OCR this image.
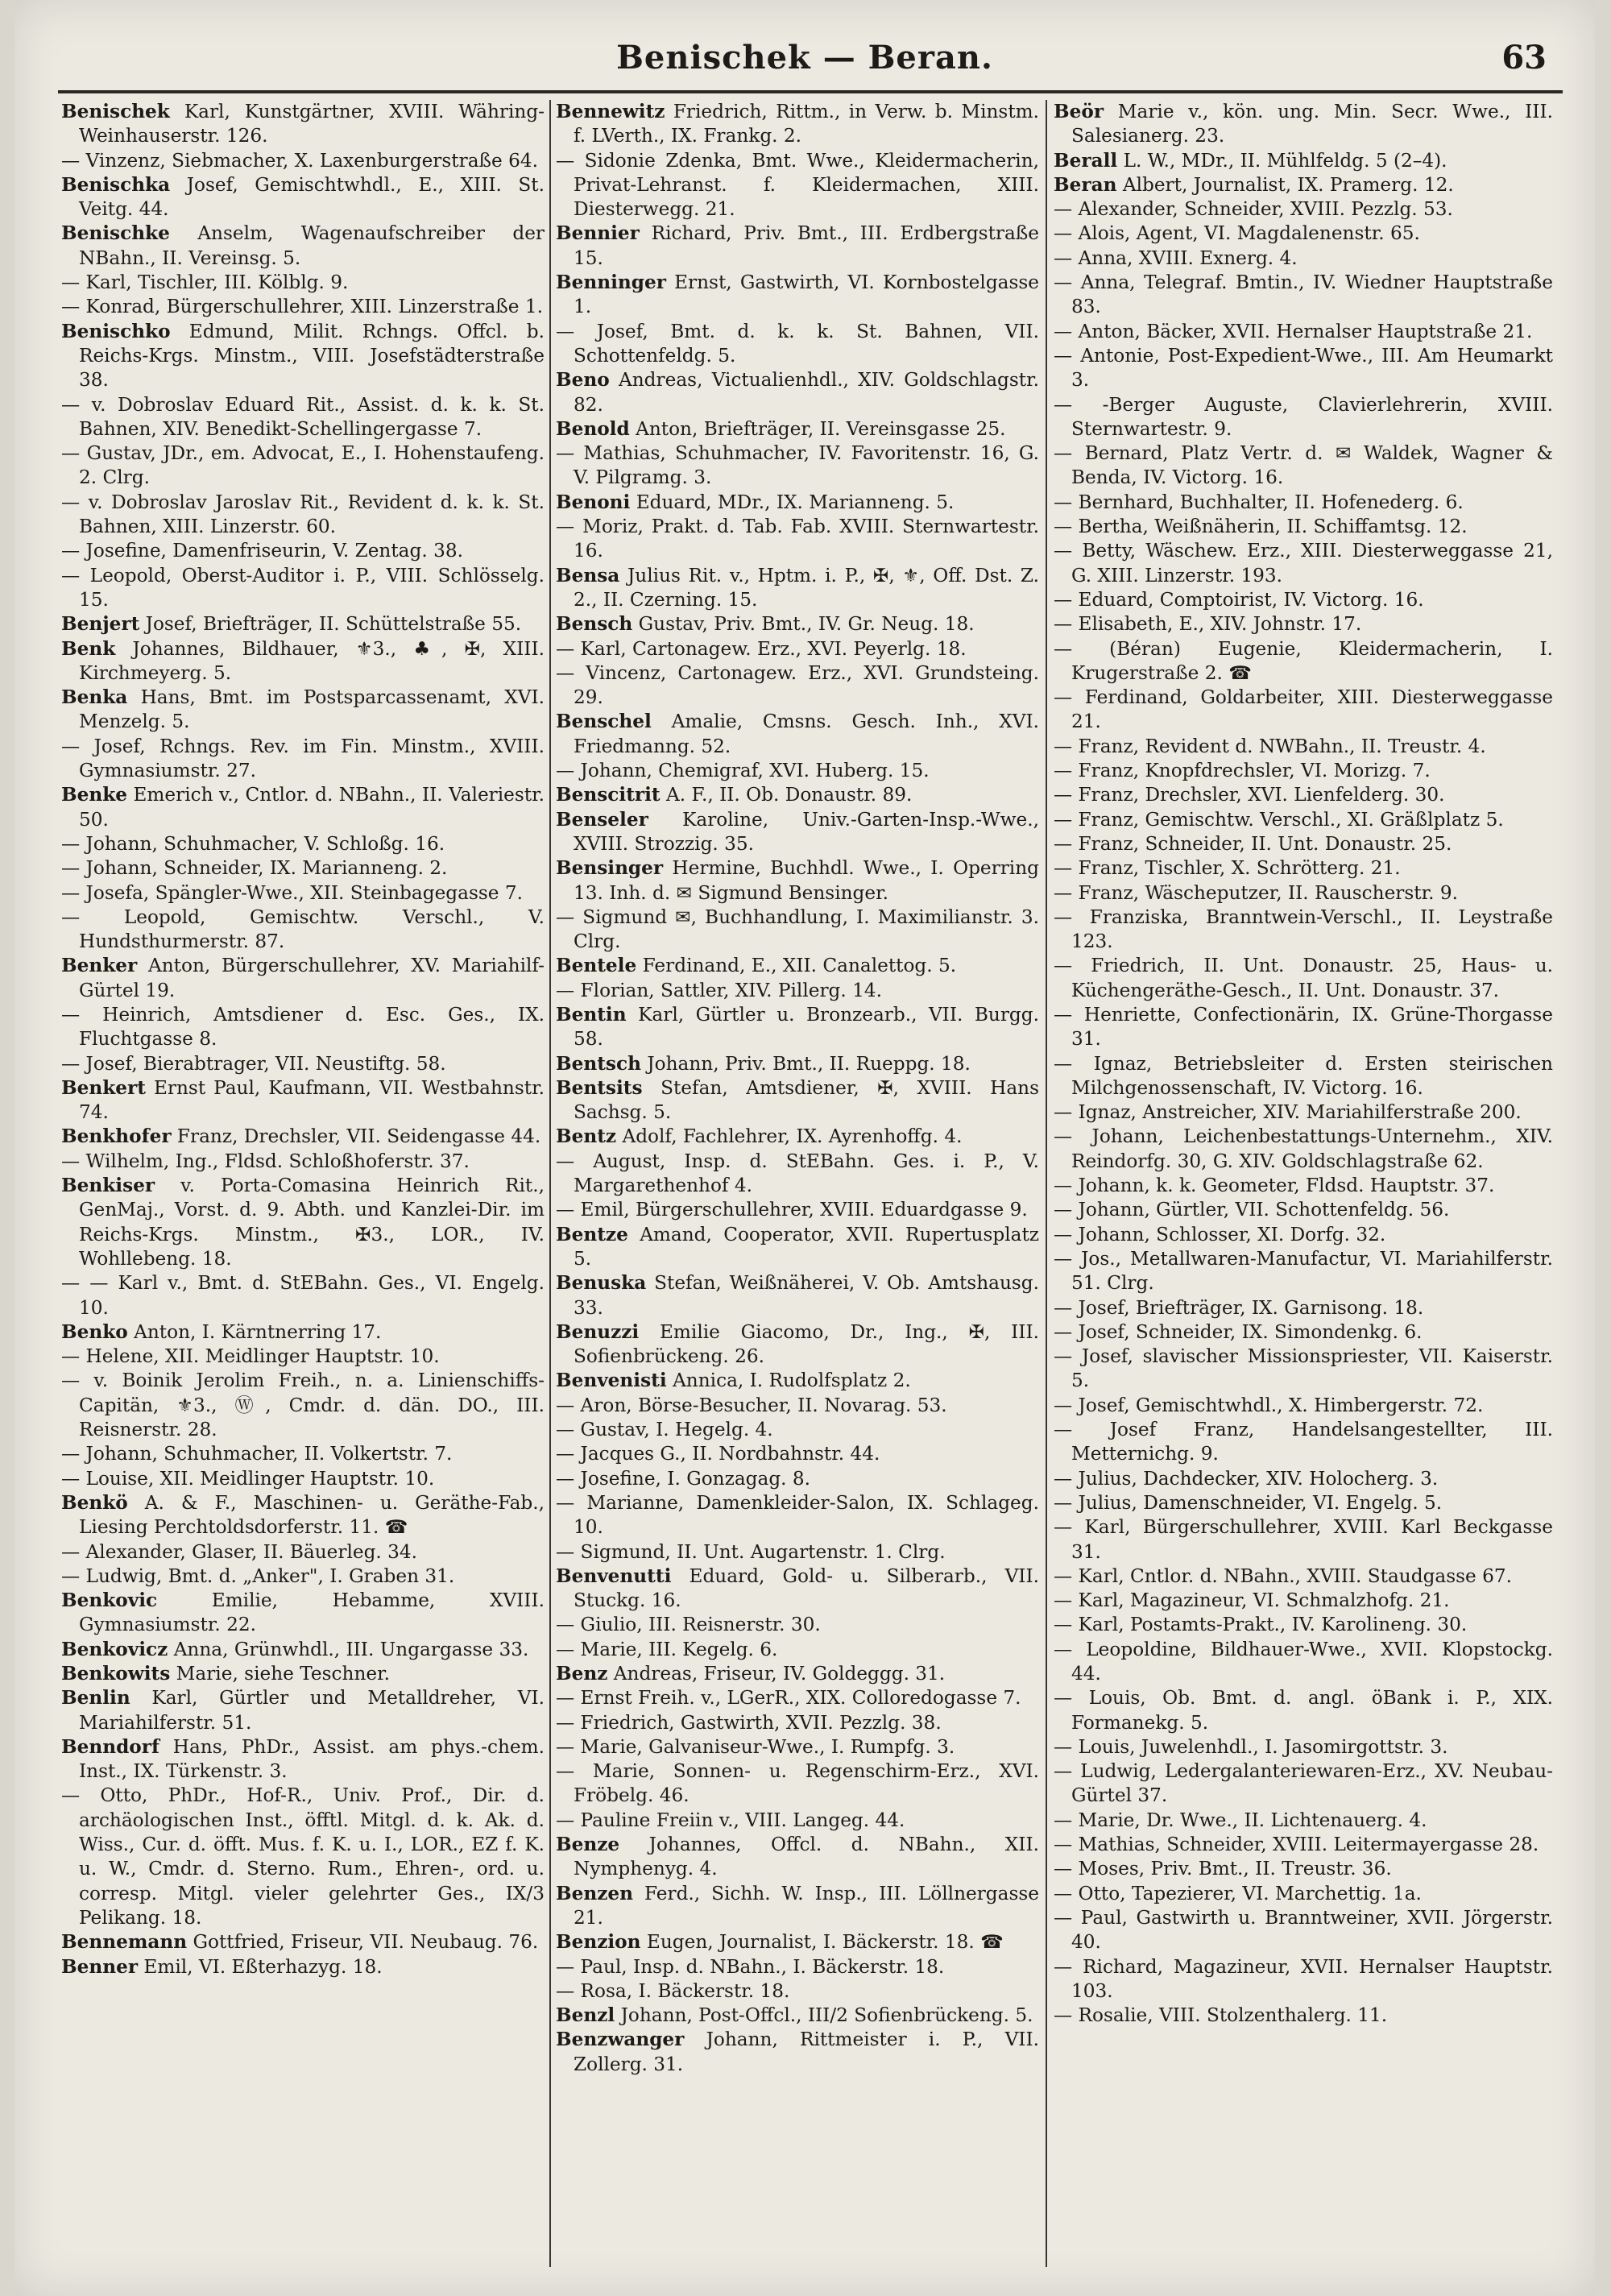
Benischek — Beran.	63

Benischek Karl, Kunstgärtner, XVIII. Währing-Weinhauserstr. 126.

— Vinzenz, Siebmacher, X. Laxenburgerstraße 64.

Benischka Josef, Gemischtwhdl., E., XIII. St. Veitg. 44.

Benischke Anselm, Wagenaufschreiber der NBahn., II. Vereinsg. 5.

— Karl, Tischler, III. Kölblg. 9.

— Konrad, Bürgerschullehrer, XIII. Linzerstraße 1.

Benischko Edmund, Milit. Rchngs. Offcl. b. Reichs-Krgs. Minstm., VIII. Josefstädterstraße 38.

— v. Dobroslav Eduard Rit., Assist. d. k. k. St. Bahnen, XIV. Benedikt-Schellingergasse 7.

— Gustav, JDr., em. Advocat, E., I. Hohenstaufeng. 2. Clrg.

— v. Dobroslav Jaroslav Rit., Revident d. k. k. St. Bahnen, XIII. Linzerstr. 60.

— Josefine, Damenfriseurin, V. Zentag. 38.

— Leopold, Oberst-Auditor i. P., VIII. Schlösselg. 15.

Benjert Josef, Briefträger, II. Schüttelstraße 55.

Benk Johannes, Bildhauer, ⚜3., ♣, ✠, XIII. Kirchmeyerg. 5.

Benka Hans, Bmt. im Postsparcassenamt, XVI. Menzelg. 5.

— Josef, Rchngs. Rev. im Fin. Minstm., XVIII. Gymnasiumstr. 27.

Benke Emerich v., Cntlor. d. NBahn., II. Valeriestr. 50.

— Johann, Schuhmacher, V. Schloßg. 16.

— Johann, Schneider, IX. Marianneng. 2.

— Josefa, Spängler-Wwe., XII. Steinbagegasse 7.

— Leopold, Gemischtw. Verschl., V. Hundsthurmerstr. 87.

Benker Anton, Bürgerschullehrer, XV. Mariahilf-Gürtel 19.

— Heinrich, Amtsdiener d. Esc. Ges., IX. Fluchtgasse 8.

— Josef, Bierabtrager, VII. Neustiftg. 58.

Benkert Ernst Paul, Kaufmann, VII. Westbahnstr. 74.

Benkhofer Franz, Drechsler, VII. Seidengasse 44.

— Wilhelm, Ing., Fldsd. Schloßhoferstr. 37.

Benkiser v. Porta-Comasina Heinrich Rit., GenMaj., Vorst. d. 9. Abth. und Kanzlei-Dir. im Reichs-Krgs. Minstm., ✠3., LOR., IV. Wohllebeng. 18.

— — Karl v., Bmt. d. StEBahn. Ges., VI. Engelg. 10.

Benko Anton, I. Kärntnerring 17.

— Helene, XII. Meidlinger Hauptstr. 10.

— v. Boinik Jerolim Freih., n. a. Linienschiffs-Capitän, ⚜3., Ⓦ, Cmdr. d. dän. DO., III. Reisnerstr. 28.

— Johann, Schuhmacher, II. Volkertstr. 7.

— Louise, XII. Meidlinger Hauptstr. 10.

Benkö A. & F., Maschinen- u. Geräthe-Fab., Liesing Perchtoldsdorferstr. 11. ☎

— Alexander, Glaser, II. Bäuerleg. 34.

— Ludwig, Bmt. d. „Anker", I. Graben 31.

Benkovic	Emilie, Hebamme, XVIII. Gymnasiumstr. 22.

Benkovicz Anna, Grünwhdl., III. Ungargasse 33.

Benkowits Marie, siehe Teschner.

Benlin Karl, Gürtler und Metalldreher, VI. Mariahilferstr. 51.

Benndorf Hans, PhDr., Assist. am phys.-chem. Inst., IX. Türkenstr. 3.

— Otto, PhDr., Hof-R., Univ. Prof., Dir. d. archäologischen Inst., öfftl. Mitgl. d. k. Ak. d. Wiss., Cur. d. öfft. Mus. f. K. u. I., LOR., EZ f. K. u. W., Cmdr. d. Sterno. Rum., Ehren-, ord. u. corresp. Mitgl. vieler gelehrter Ges., IX/3 Pelikang. 18.

Bennemann Gottfried, Friseur, VII. Neubaug. 76.

Benner Emil, VI. Eßterhazyg. 18.

Bennewitz Friedrich, Rittm., in Verw. b. Minstm. f. LVerth., IX. Frankg. 2.

— Sidonie Zdenka, Bmt. Wwe., Kleidermacherin, Privat-Lehranst. f. Kleidermachen, XIII. Diesterwegg. 21.

Bennier Richard, Priv. Bmt., III. Erdbergstraße 15.

Benninger Ernst, Gastwirth, VI. Kornbostelgasse 1.

— Josef, Bmt. d. k. k. St. Bahnen, VII. Schottenfeldg. 5.

Beno Andreas, Victualienhdl., XIV. Goldschlagstr. 82.

Benold Anton, Briefträger, II. Vereinsgasse 25.

— Mathias, Schuhmacher, IV. Favoritenstr. 16, G. V. Pilgramg. 3.

Benoni Eduard, MDr., IX. Marianneng. 5.

— Moriz, Prakt. d. Tab. Fab. XVIII. Sternwartestr. 16.

Bensa Julius Rit. v., Hptm. i. P., ✠, ⚜, Off. Dst. Z. 2., II. Czerning. 15.

Bensch Gustav, Priv. Bmt., IV. Gr. Neug. 18.

— Karl, Cartonagew. Erz., XVI. Peyerlg. 18.

— Vincenz, Cartonagew. Erz., XVI. Grundsteing. 29.

Benschel Amalie, Cmsns. Gesch. Inh., XVI. Friedmanng. 52.

— Johann, Chemigraf, XVI. Huberg. 15.

Benscitrit A. F., II. Ob. Donaustr. 89.

Benseler Karoline, Univ.-Garten-Insp.-Wwe., XVIII. Strozzig. 35.

Bensinger Hermine, Buchhdl. Wwe., I. Operring 13. Inh. d. ✉ Sigmund Bensinger.

— Sigmund ✉, Buchhandlung, I. Maximilianstr. 3. Clrg.

Bentele Ferdinand, E., XII. Canalettog. 5.

— Florian, Sattler, XIV. Pillerg. 14.

Bentin Karl, Gürtler u. Bronzearb., VII. Burgg. 58.

Bentsch Johann, Priv. Bmt., II. Rueppg. 18.

Bentsits Stefan, Amtsdiener, ✠, XVIII. Hans Sachsg. 5.

Bentz Adolf, Fachlehrer, IX. Ayrenhoffg. 4.

— August, Insp. d. StEBahn. Ges. i. P., V. Margarethenhof 4.

— Emil, Bürgerschullehrer, XVIII. Eduardgasse 9.

Bentze Amand, Cooperator, XVII. Rupertusplatz 5.

Benuska Stefan, Weißnäherei, V. Ob. Amtshausg. 33.

Benuzzi Emilie Giacomo, Dr., Ing., ✠, III. Sofienbrückeng. 26.

Benvenisti Annica, I. Rudolfsplatz 2.

— Aron, Börse-Besucher, II. Novarag. 53.

— Gustav, I. Hegelg. 4.

— Jacques G., II. Nordbahnstr. 44.

— Josefine, I. Gonzagag. 8.

— Marianne, Damenkleider-Salon, IX. Schlageg. 10.

— Sigmund, II. Unt. Augartenstr. 1. Clrg.

Benvenutti Eduard, Gold- u. Silberarb., VII. Stuckg. 16.

— Giulio, III. Reisnerstr. 30.

— Marie, III. Kegelg. 6.

Benz Andreas, Friseur, IV. Goldeggg. 31.

— Ernst Freih. v., LGerR., XIX. Colloredogasse 7.

— Friedrich, Gastwirth, XVII. Pezzlg. 38.

— Marie, Galvaniseur-Wwe., I. Rumpfg. 3.

— Marie, Sonnen- u. Regenschirm-Erz., XVI. Fröbelg. 46.

— Pauline Freiin v., VIII. Langeg. 44.

Benze Johannes, Offcl. d. NBahn., XII. Nymphenyg. 4.

Benzen Ferd., Sichh. W. Insp., III. Löllnergasse 21.

Benzion Eugen, Journalist, I. Bäckerstr. 18. ☎

— Paul, Insp. d. NBahn., I. Bäckerstr. 18.

— Rosa, I. Bäckerstr. 18.

Benzl Johann, Post-Offcl., III/2 Sofienbrückeng. 5.

Benzwanger Johann, Rittmeister i. P., VII. Zollerg. 31.

Beör Marie v., kön. ung. Min. Secr. Wwe., III. Salesianerg. 23.

Berall L. W., MDr., II. Mühlfeldg. 5 (2–4).

Beran Albert, Journalist, IX. Pramerg. 12.

— Alexander, Schneider, XVIII. Pezzlg. 53.

— Alois, Agent, VI. Magdalenenstr. 65.

— Anna, XVIII. Exnerg. 4.

— Anna, Telegraf. Bmtin., IV. Wiedner Hauptstraße 83.

— Anton, Bäcker, XVII. Hernalser Hauptstraße 21.

— Antonie, Post-Expedient-Wwe., III. Am Heumarkt 3.

— -Berger Auguste, Clavierlehrerin, XVIII. Sternwartestr. 9.

— Bernard, Platz Vertr. d. ✉ Waldek, Wagner & Benda, IV. Victorg. 16.

— Bernhard, Buchhalter, II. Hofenederg. 6.

— Bertha, Weißnäherin, II. Schiffamtsg. 12.

— Betty, Wäschew. Erz., XIII. Diesterweggasse 21, G. XIII. Linzerstr. 193.

— Eduard, Comptoirist, IV. Victorg. 16.

— Elisabeth, E., XIV. Johnstr. 17.

— (Béran) Eugenie, Kleidermacherin, I. Krugerstraße 2. ☎

— Ferdinand, Goldarbeiter, XIII. Diesterweggasse 21.

— Franz, Revident d. NWBahn., II. Treustr. 4.

— Franz, Knopfdrechsler, VI. Morizg. 7.

— Franz, Drechsler, XVI. Lienfelderg. 30.

— Franz, Gemischtw. Verschl., XI. Gräßlplatz 5.

— Franz, Schneider, II. Unt. Donaustr. 25.

— Franz, Tischler, X. Schrötterg. 21.

— Franz, Wäscheputzer, II. Rauscherstr. 9.

— Franziska, Branntwein-Verschl., II. Leystraße 123.

— Friedrich, II. Unt. Donaustr. 25, Haus- u. Küchengeräthe-Gesch., II. Unt. Donaustr. 37.

— Henriette, Confectionärin, IX. Grüne-Thorgasse 31.

— Ignaz, Betriebsleiter d. Ersten steirischen Milchgenossenschaft, IV. Victorg. 16.

— Ignaz, Anstreicher, XIV. Mariahilferstraße 200.

— Johann, Leichenbestattungs-Unternehm., XIV. Reindorfg. 30, G. XIV. Goldschlagstraße 62.

— Johann, k. k. Geometer, Fldsd. Hauptstr. 37.

— Johann, Gürtler, VII. Schottenfeldg. 56.

— Johann, Schlosser, XI. Dorfg. 32.

— Jos., Metallwaren-Manufactur, VI. Mariahilferstr. 51. Clrg.

— Josef, Briefträger, IX. Garnisong. 18.

— Josef, Schneider, IX. Simondenkg. 6.

— Josef, slavischer Missionspriester, VII. Kaiserstr. 5.

— Josef, Gemischtwhdl., X. Himbergerstr. 72.

— Josef Franz, Handelsangestellter, III. Metternichg. 9.

— Julius, Dachdecker, XIV. Holocherg. 3.

— Julius, Damenschneider, VI. Engelg. 5.

— Karl, Bürgerschullehrer, XVIII. Karl Beckgasse 31.

— Karl, Cntlor. d. NBahn., XVIII. Staudgasse 67.

— Karl, Magazineur, VI. Schmalzhofg. 21.

— Karl, Postamts-Prakt., IV. Karolineng. 30.

— Leopoldine, Bildhauer-Wwe., XVII. Klopstockg. 44.

— Louis, Ob. Bmt. d. angl. öBank i. P., XIX. Formanekg. 5.

— Louis, Juwelenhdl., I. Jasomirgottstr. 3.

— Ludwig, Ledergalanteriewaren-Erz., XV. Neubau-Gürtel 37.

— Marie, Dr. Wwe., II. Lichtenauerg. 4.

— Mathias, Schneider, XVIII. Leitermayergasse 28.

— Moses, Priv. Bmt., II. Treustr. 36.

— Otto, Tapezierer, VI. Marchettig. 1a.

— Paul, Gastwirth u. Branntweiner, XVII. Jörgerstr. 40.

— Richard, Magazineur, XVII. Hernalser Hauptstr. 103.

— Rosalie, VIII. Stolzenthalerg. 11.
